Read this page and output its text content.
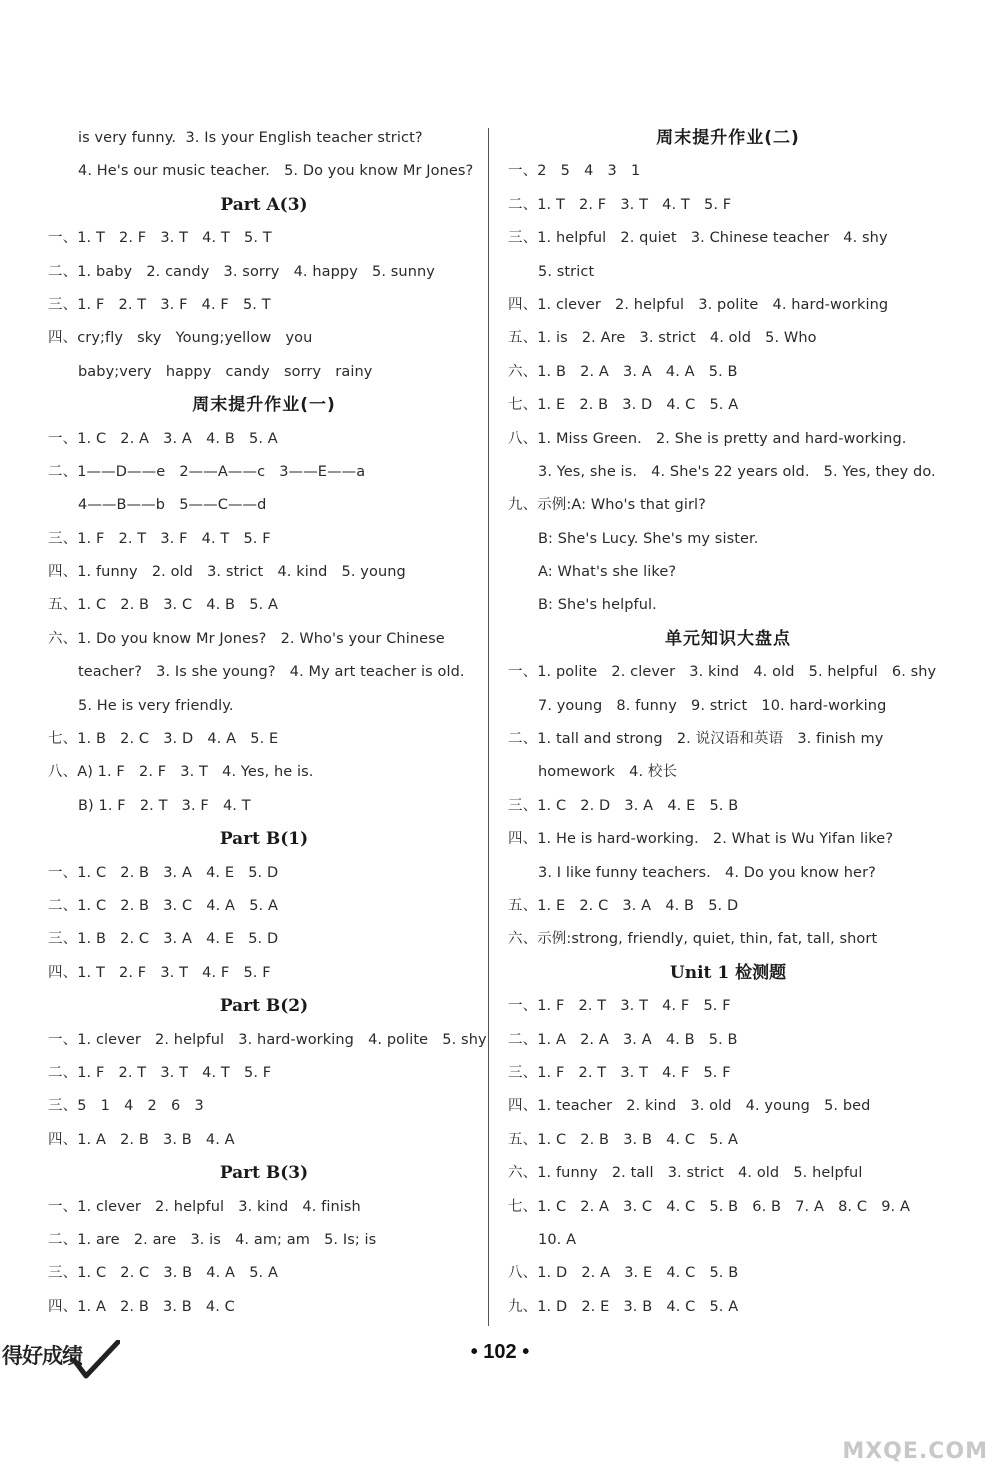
is very funny.  3. Is your English teacher strict?
4. He's our music teacher.   5. Do you know Mr Jones?
Part A(3)
一、1. T   2. F   3. T   4. T   5. T
二、1. baby   2. candy   3. sorry   4. happy   5. sunny
三、1. F   2. T   3. F   4. F   5. T
四、cry;fly   sky   Young;yellow   you
baby;very   happy   candy   sorry   rainy
周末提升作业(一)
一、1. C   2. A   3. A   4. B   5. A
二、1——D——e   2——A——c   3——E——a
4——B——b   5——C——d
三、1. F   2. T   3. F   4. T   5. F
四、1. funny   2. old   3. strict   4. kind   5. young
五、1. C   2. B   3. C   4. B   5. A
六、1. Do you know Mr Jones?   2. Who's your Chinese
teacher?   3. Is she young?   4. My art teacher is old.
5. He is very friendly.
七、1. B   2. C   3. D   4. A   5. E
八、A) 1. F   2. F   3. T   4. Yes, he is.
B) 1. F   2. T   3. F   4. T
Part B(1)
一、1. C   2. B   3. A   4. E   5. D
二、1. C   2. B   3. C   4. A   5. A
三、1. B   2. C   3. A   4. E   5. D
四、1. T   2. F   3. T   4. F   5. F
Part B(2)
一、1. clever   2. helpful   3. hard-working   4. polite   5. shy
二、1. F   2. T   3. T   4. T   5. F
三、5   1   4   2   6   3
四、1. A   2. B   3. B   4. A
Part B(3)
一、1. clever   2. helpful   3. kind   4. finish
二、1. are   2. are   3. is   4. am; am   5. Is; is
三、1. C   2. C   3. B   4. A   5. A
四、1. A   2. B   3. B   4. C
周末提升作业(二)
一、2   5   4   3   1
二、1. T   2. F   3. T   4. T   5. F
三、1. helpful   2. quiet   3. Chinese teacher   4. shy
5. strict
四、1. clever   2. helpful   3. polite   4. hard-working
五、1. is   2. Are   3. strict   4. old   5. Who
六、1. B   2. A   3. A   4. A   5. B
七、1. E   2. B   3. D   4. C   5. A
八、1. Miss Green.   2. She is pretty and hard-working.
3. Yes, she is.   4. She's 22 years old.   5. Yes, they do.
九、示例:A: Who's that girl?
B: She's Lucy. She's my sister.
A: What's she like?
B: She's helpful.
单元知识大盘点
一、1. polite   2. clever   3. kind   4. old   5. helpful   6. shy
7. young   8. funny   9. strict   10. hard-working
二、1. tall and strong   2. 说汉语和英语   3. finish my
homework   4. 校长
三、1. C   2. D   3. A   4. E   5. B
四、1. He is hard-working.   2. What is Wu Yifan like?
3. I like funny teachers.   4. Do you know her?
五、1. E   2. C   3. A   4. B   5. D
六、示例:strong, friendly, quiet, thin, fat, tall, short
Unit 1 检测题
一、1. F   2. T   3. T   4. F   5. F
二、1. A   2. A   3. A   4. B   5. B
三、1. F   2. T   3. T   4. F   5. F
四、1. teacher   2. kind   3. old   4. young   5. bed
五、1. C   2. B   3. B   4. C   5. A
六、1. funny   2. tall   3. strict   4. old   5. helpful
七、1. C   2. A   3. C   4. C   5. B   6. B   7. A   8. C   9. A
10. A
八、1. D   2. A   3. E   4. C   5. B
九、1. D   2. E   3. B   4. C   5. A
得好成绩	• 102 •
MXQE.COM
